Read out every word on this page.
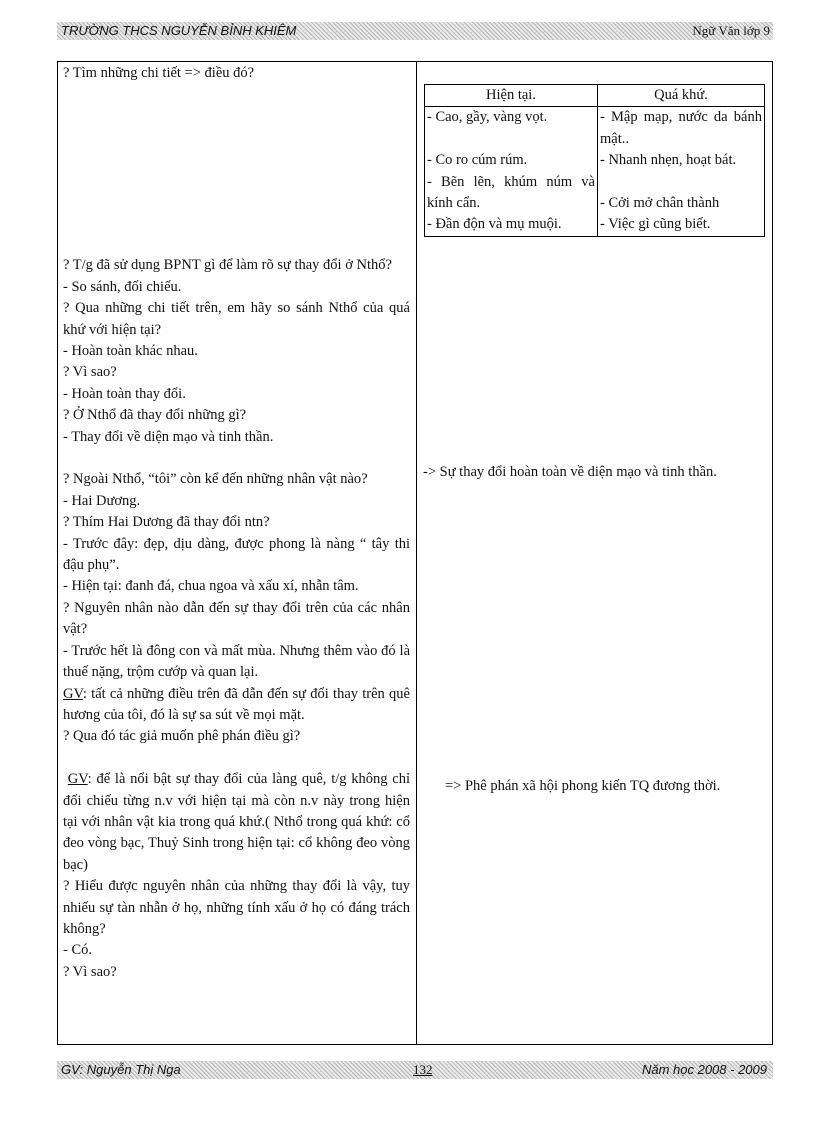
TRƯỜNG THCS NGUYỄN BỈNH KHIÊM	Ngữ Văn lớp 9

? Tìm những chi tiết => điều đó?

? T/g đã sử dụng BPNT gì để làm rõ sự thay đổi ở Nthổ?

- So sánh, đối chiếu.

? Qua những chi tiết trên, em hãy so sánh Nthổ của quá khứ với hiện tại?

- Hoàn toàn khác nhau.

? Vì sao?

- Hoàn toàn thay đổi.

? Ở Nthổ đã thay đổi những gì?

- Thay đổi về diện mạo và tinh thần.

? Ngoài Nthổ, “tôi” còn kể đến những nhân vật nào?

- Hai Dương.

? Thím Hai Dương đã thay đổi ntn?

- Trước đây: đẹp, dịu dàng, được phong là nàng “ tây thi đậu phụ”.

- Hiện tại: đanh đá, chua ngoa và xấu xí, nhẫn tâm.

? Nguyên nhân nào dẫn đến sự thay đổi trên của các nhân vật?

- Trước hết là đông con và mất mùa. Nhưng thêm vào đó là thuế nặng, trộm cướp và quan lại.

GV: tất cả những điều trên đã dẫn đến sự đổi thay trên quê hương của tôi, đó là sự sa sút về mọi mặt.

? Qua đó tác giả muốn phê phán điều gì?

GV: để là nổi bật sự thay đổi của làng quê, t/g không chỉ đối chiếu từng n.v với hiện tại mà còn n.v này trong hiện tại với nhân vật kia trong quá khứ.( Nthổ trong quá khứ: cổ đeo vòng bạc, Thuỷ Sinh trong hiện tại: cổ không đeo vòng bạc)

? Hiểu được nguyên nhân của những thay đổi là vậy, tuy nhiếu sự tàn nhẫn ở họ, những tính xấu ở họ có đáng trách không?

- Có.

? Vì sao?

Hiện tại.	Quá khứ.
- Cao, gầy, vàng vọt.	- Mập mạp, nước da bánh mật..
- Co ro cúm rúm.	- Nhanh nhẹn, hoạt bát.
- Bẽn lẽn, khúm núm và kính cẩn.	- Cởi mở chân thành
- Đần độn và mụ muội.	- Việc gì cũng biết.
-> Sự thay đổi hoàn toàn về diện mạo và tinh thần.
=> Phê phán xã hội phong kiến TQ đương thời.
GV: Nguyễn Thị Nga	132	Năm học 2008 - 2009
